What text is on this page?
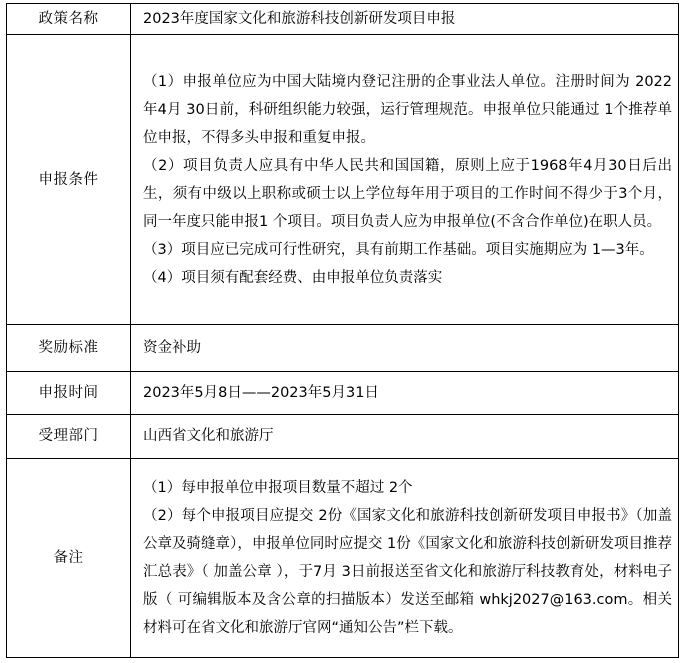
政策名称	2023年度国家文化和旅游科技创新研发项目申报

申报条件	（1）申报单位应为中国大陆境内登记注册的企事业法人单位。注册时间为 2022年4月 30日前，科研组织能力较强，运行管理规范。申报单位只能通过 1个推荐单位申报，不得多头申报和重复申报。

（2）项目负责人应具有中华人民共和国国籍，原则上应于1968年4月30日后出生，须有中级以上职称或硕士以上学位每年用于项目的工作时间不得少于3个月，同一年度只能申报1 个项目。项目负责人应为申报单位(不含合作单位)在职人员。

（3）项目应已完成可行性研究，具有前期工作基础。项目实施期应为 1—3年。

（4）项目须有配套经费、由申报单位负责落实

奖励标准	资金补助

申报时间	2023年5月8日——2023年5月31日

受理部门	山西省文化和旅游厅

备注	（1）每申报单位申报项目数量不超过 2个

（2）每个申报项目应提交 2份《国家文化和旅游科技创新研发项目申报书》（加盖公章及骑缝章），申报单位同时应提交 1份《国家文化和旅游科技创新研发项目推荐汇总表》（ 加盖公章 ），于7月 3日前报送至省文化和旅游厅科技教育处，材料电子版（ 可编辑版本及含公章的扫描版本）发送至邮箱 whkj2027@163.com。相关材料可在省文化和旅游厅官网“通知公告”栏下载。
